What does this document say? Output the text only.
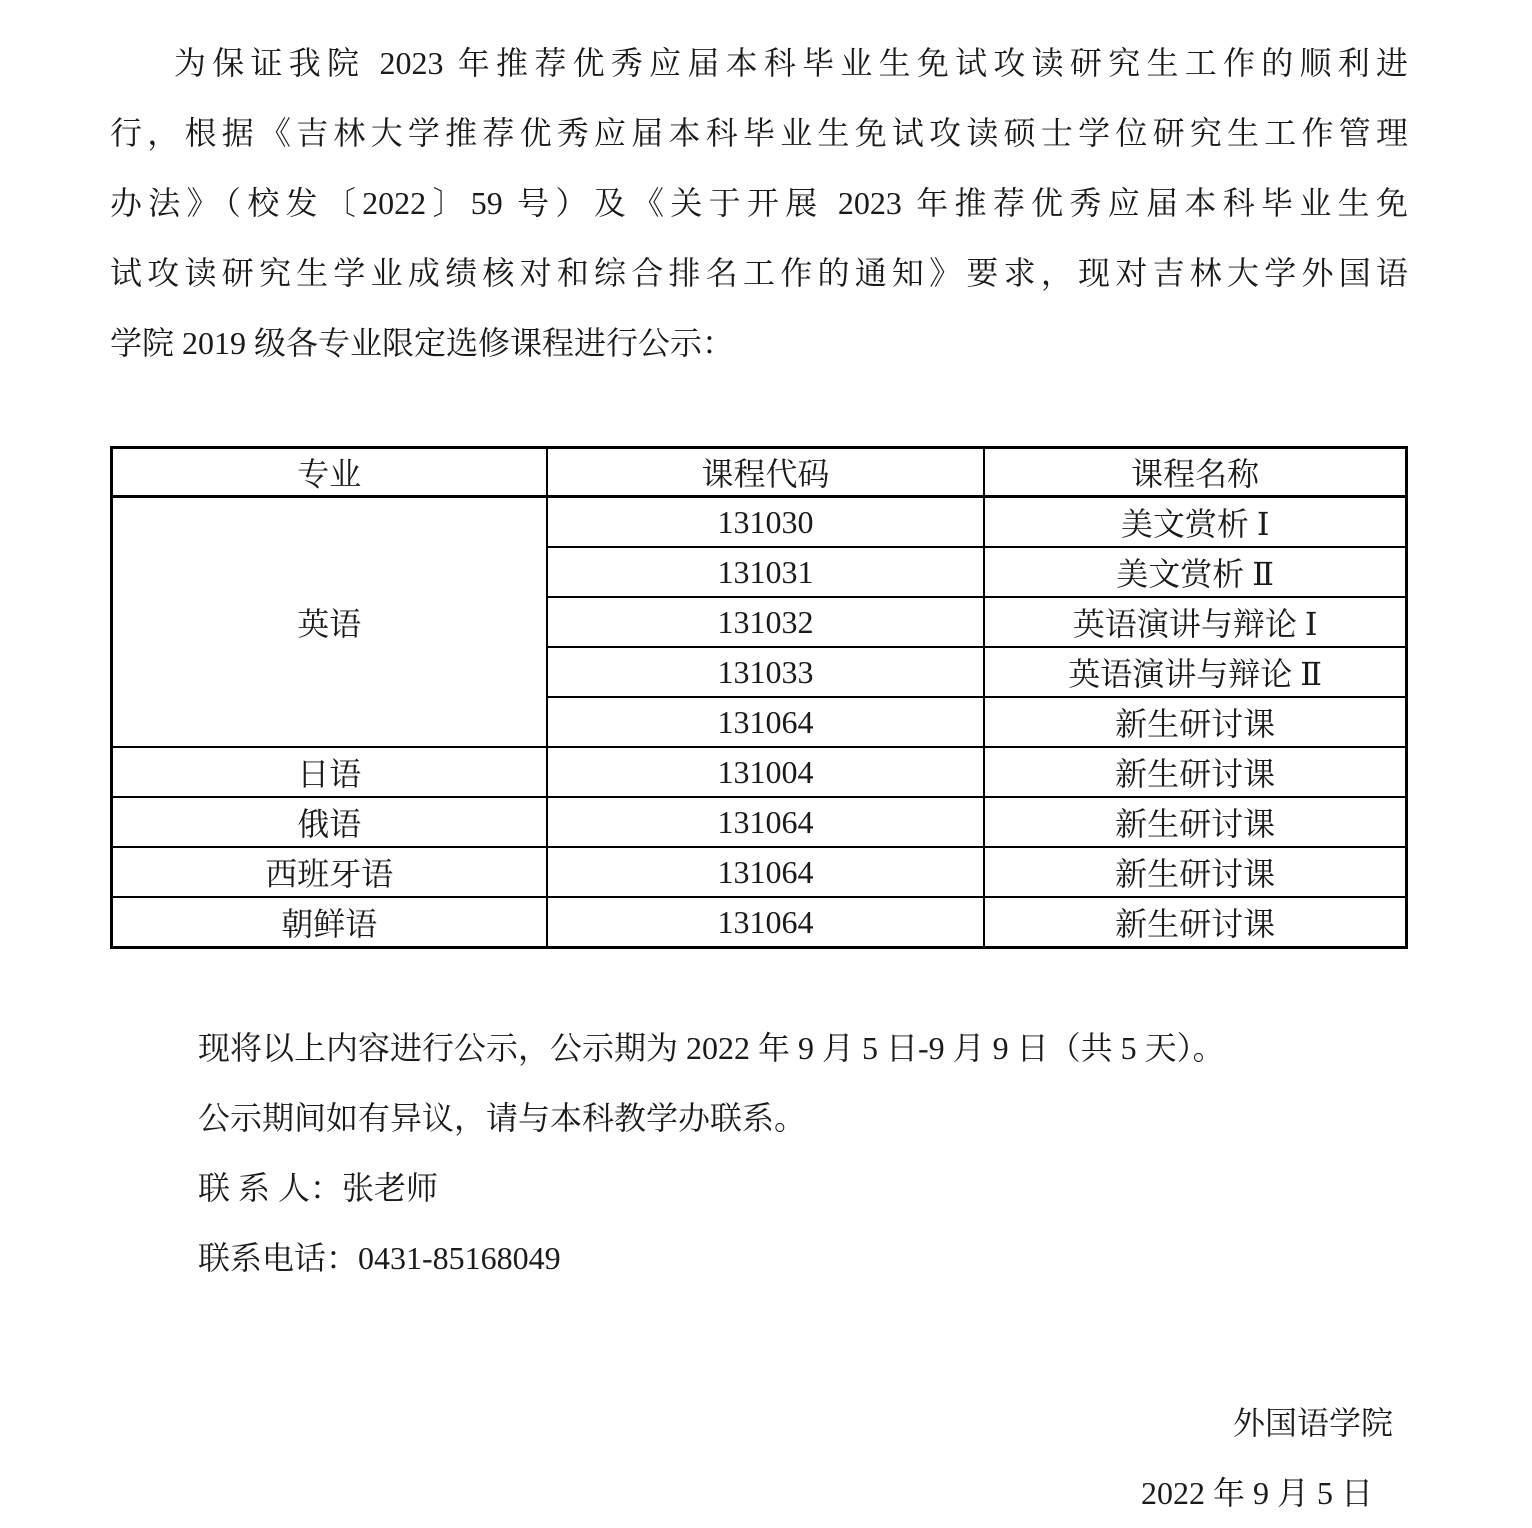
为保证我院 2023 年推荐优秀应届本科毕业生免试攻读研究生工作的顺利进
行，根据《吉林大学推荐优秀应届本科毕业生免试攻读硕士学位研究生工作管理
办法》（校发〔2022〕59 号）及《关于开展 2023 年推荐优秀应届本科毕业生免
试攻读研究生学业成绩核对和综合排名工作的通知》要求，现对吉林大学外国语
学院 2019 级各专业限定选修课程进行公示：
专业	课程代码	课程名称
英语	131030	美文赏析 Ⅰ
	131031	美文赏析 Ⅱ
	131032	英语演讲与辩论 Ⅰ
	131033	英语演讲与辩论 Ⅱ
	131064	新生研讨课
日语	131004	新生研讨课
俄语	131064	新生研讨课
西班牙语	131064	新生研讨课
朝鲜语	131064	新生研讨课
现将以上内容进行公示，公示期为 2022 年 9 月 5 日-9 月 9 日（共 5 天）。
公示期间如有异议，请与本科教学办联系。
联 系 人：张老师
联系电话：0431-85168049
外国语学院
2022 年 9 月 5 日
